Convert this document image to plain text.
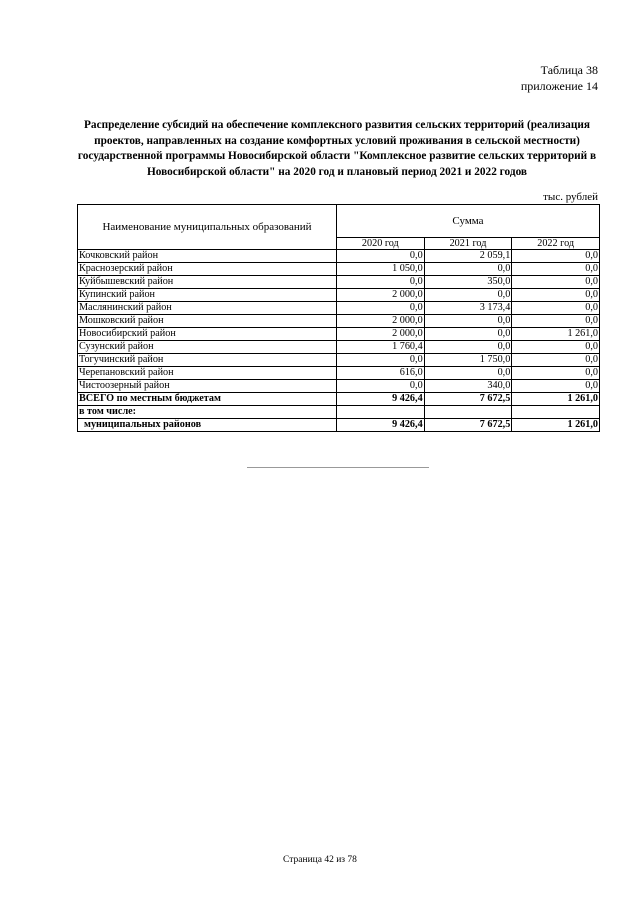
Таблица 38
приложение 14
Распределение субсидий на обеспечение комплексного развития сельских территорий (реализация проектов, направленных на создание комфортных условий проживания в сельской местности) государственной программы Новосибирской области "Комплексное развитие сельских территорий в Новосибирской области" на 2020 год и плановый период 2021 и 2022 годов
тыс. рублей
Наименование муниципальных образований	Сумма		
	2020 год	2021 год	2022 год
Кочковский район	0,0	2 059,1	0,0
Краснозерский район	1 050,0	0,0	0,0
Куйбышевский район	0,0	350,0	0,0
Купинский район	2 000,0	0,0	0,0
Маслянинский район	0,0	3 173,4	0,0
Мошковский район	2 000,0	0,0	0,0
Новосибирский район	2 000,0	0,0	1 261,0
Сузунский район	1 760,4	0,0	0,0
Тогучинский район	0,0	1 750,0	0,0
Черепановский район	616,0	0,0	0,0
Чистоозерный район	0,0	340,0	0,0
ВСЕГО по местным бюджетам	9 426,4	7 672,5	1 261,0
в том числе:			
муниципальных районов	9 426,4	7 672,5	1 261,0
Страница 42 из 78
